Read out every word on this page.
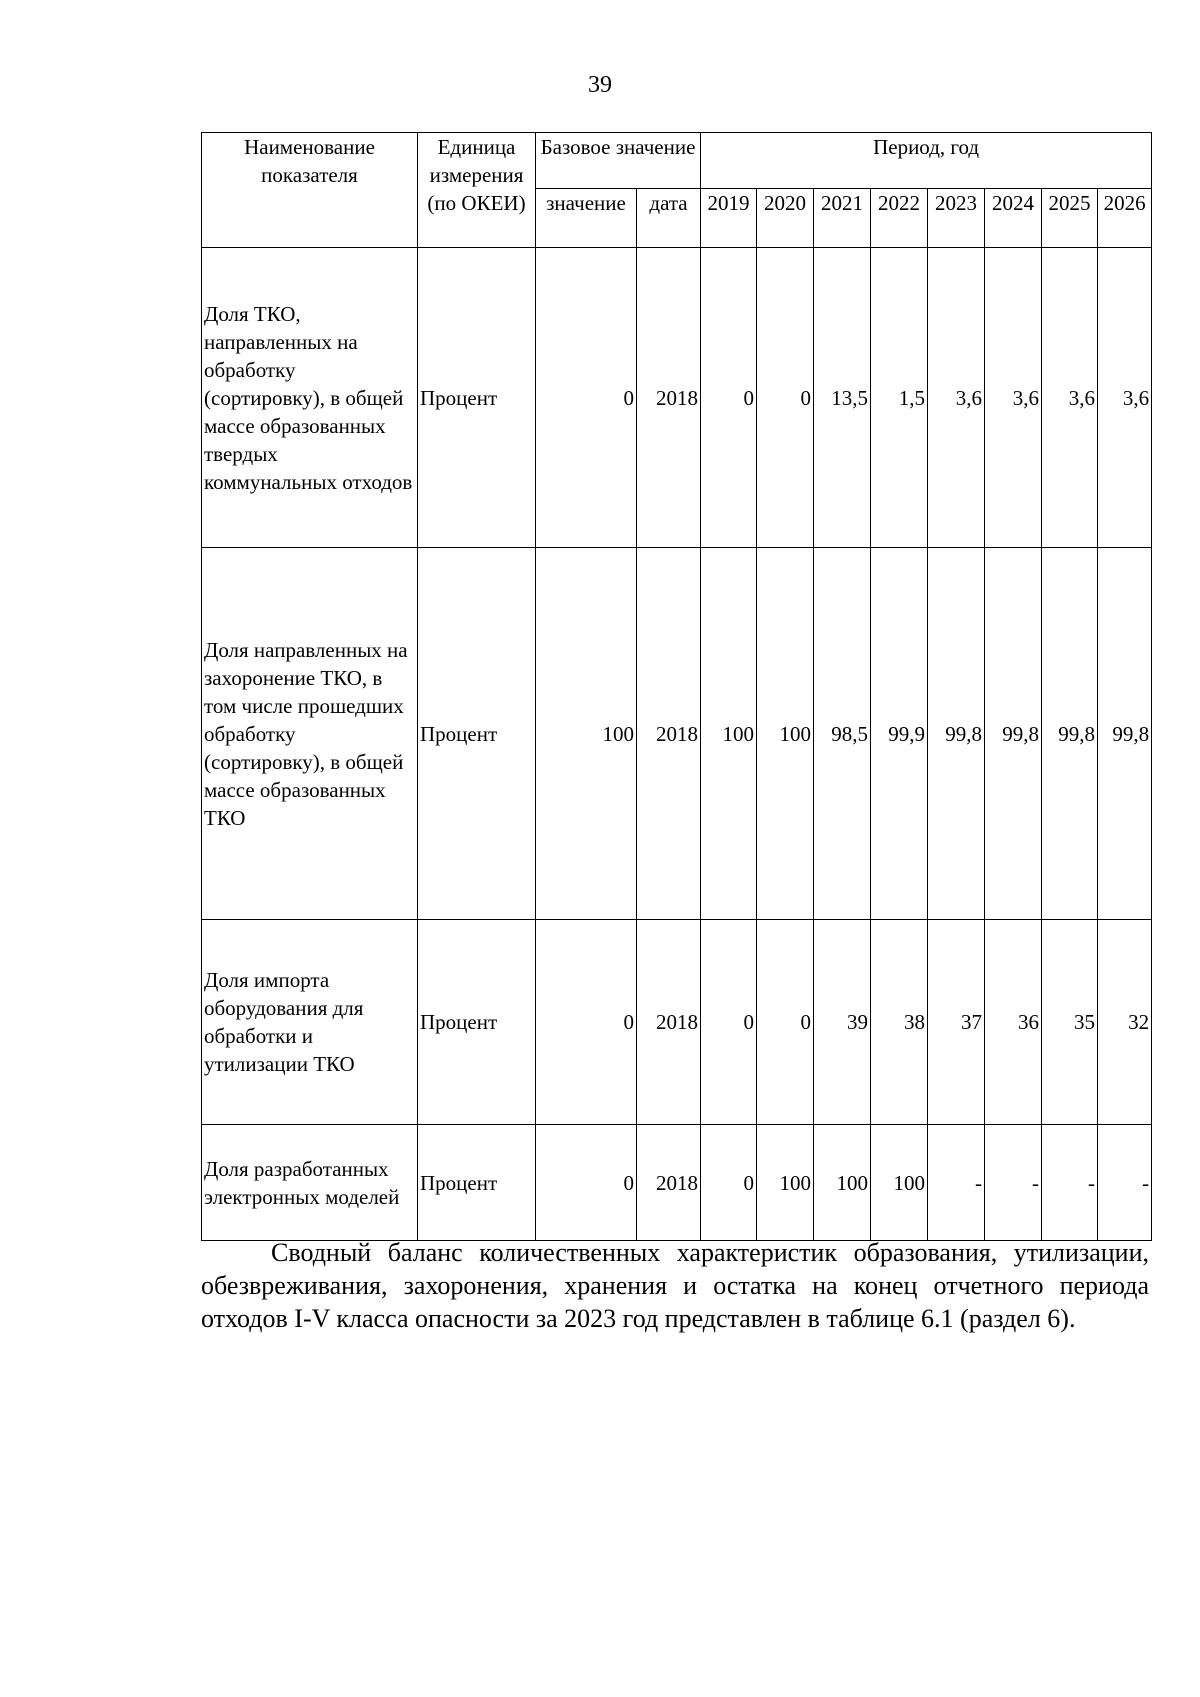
39
Наименование показателя	Единица измерения (по ОКЕИ)	Базовое значение		Период, год							
		значение	дата	2019	2020	2021	2022	2023	2024	2025	2026
Доля ТКО, направленных на обработку (сортировку), в общей массе образованных твердых коммунальных отходов	Процент	0	2018	0	0	13,5	1,5	3,6	3,6	3,6	3,6
Доля направленных на захоронение ТКО, в том числе прошедших обработку (сортировку), в общей массе образованных ТКО	Процент	100	2018	100	100	98,5	99,9	99,8	99,8	99,8	99,8
Доля импорта оборудования для обработки и утилизации ТКО	Процент	0	2018	0	0	39	38	37	36	35	32
Доля разработанных электронных моделей	Процент	0	2018	0	100	100	100	-	-	-	-

Сводный баланс количественных характеристик образования, утилизации, обезвреживания, захоронения, хранения и остатка на конец отчетного периода отходов I-V класса опасности за 2023 год представлен в таблице 6.1 (раздел 6).
